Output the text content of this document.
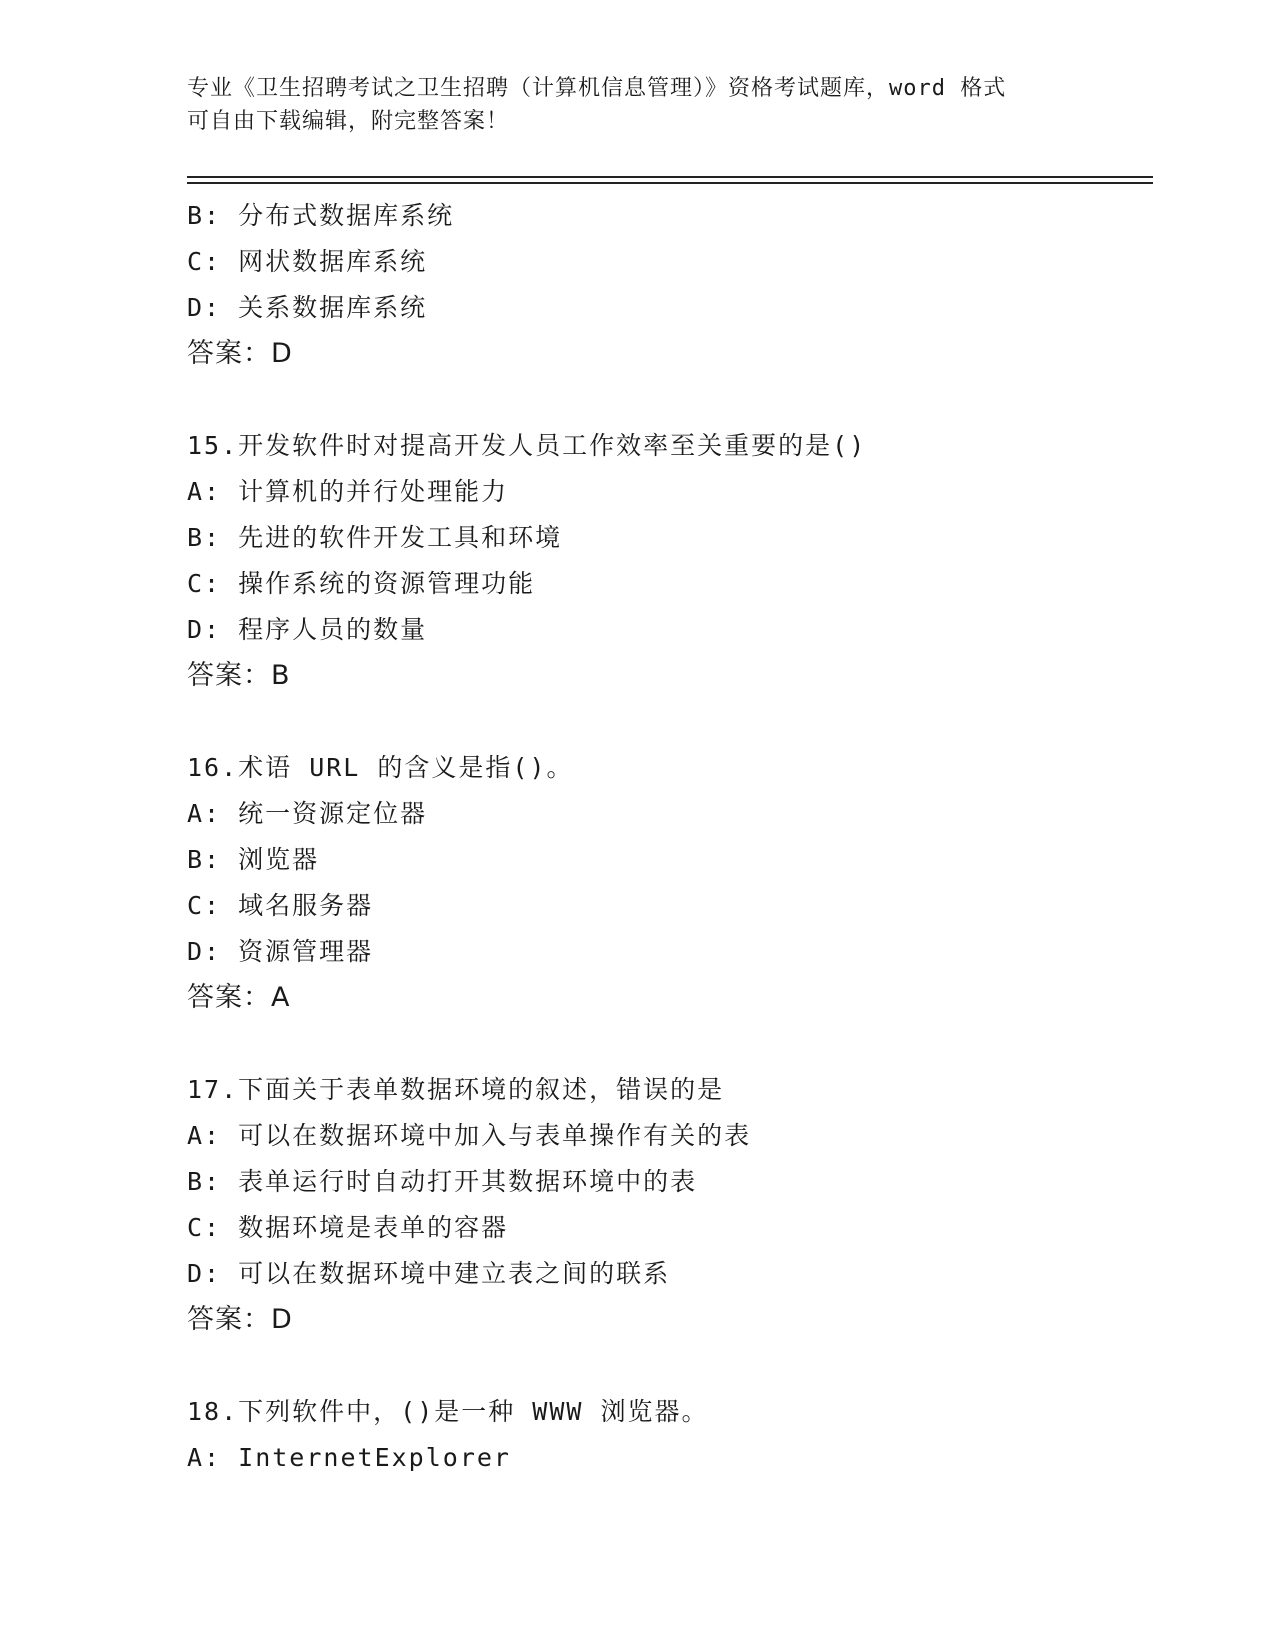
专业《卫生招聘考试之卫生招聘（计算机信息管理）》资格考试题库，word 格式
可自由下载编辑，附完整答案！
B: 分布式数据库系统
C: 网状数据库系统
D: 关系数据库系统
答案：D
15.开发软件时对提高开发人员工作效率至关重要的是()
A: 计算机的并行处理能力
B: 先进的软件开发工具和环境
C: 操作系统的资源管理功能
D: 程序人员的数量
答案：B
16.术语 URL 的含义是指()。
A: 统一资源定位器
B: 浏览器
C: 域名服务器
D: 资源管理器
答案：A
17.下面关于表单数据环境的叙述，错误的是
A: 可以在数据环境中加入与表单操作有关的表
B: 表单运行时自动打开其数据环境中的表
C: 数据环境是表单的容器
D: 可以在数据环境中建立表之间的联系
答案：D
18.下列软件中，()是一种 WWW 浏览器。
A: InternetExplorer
